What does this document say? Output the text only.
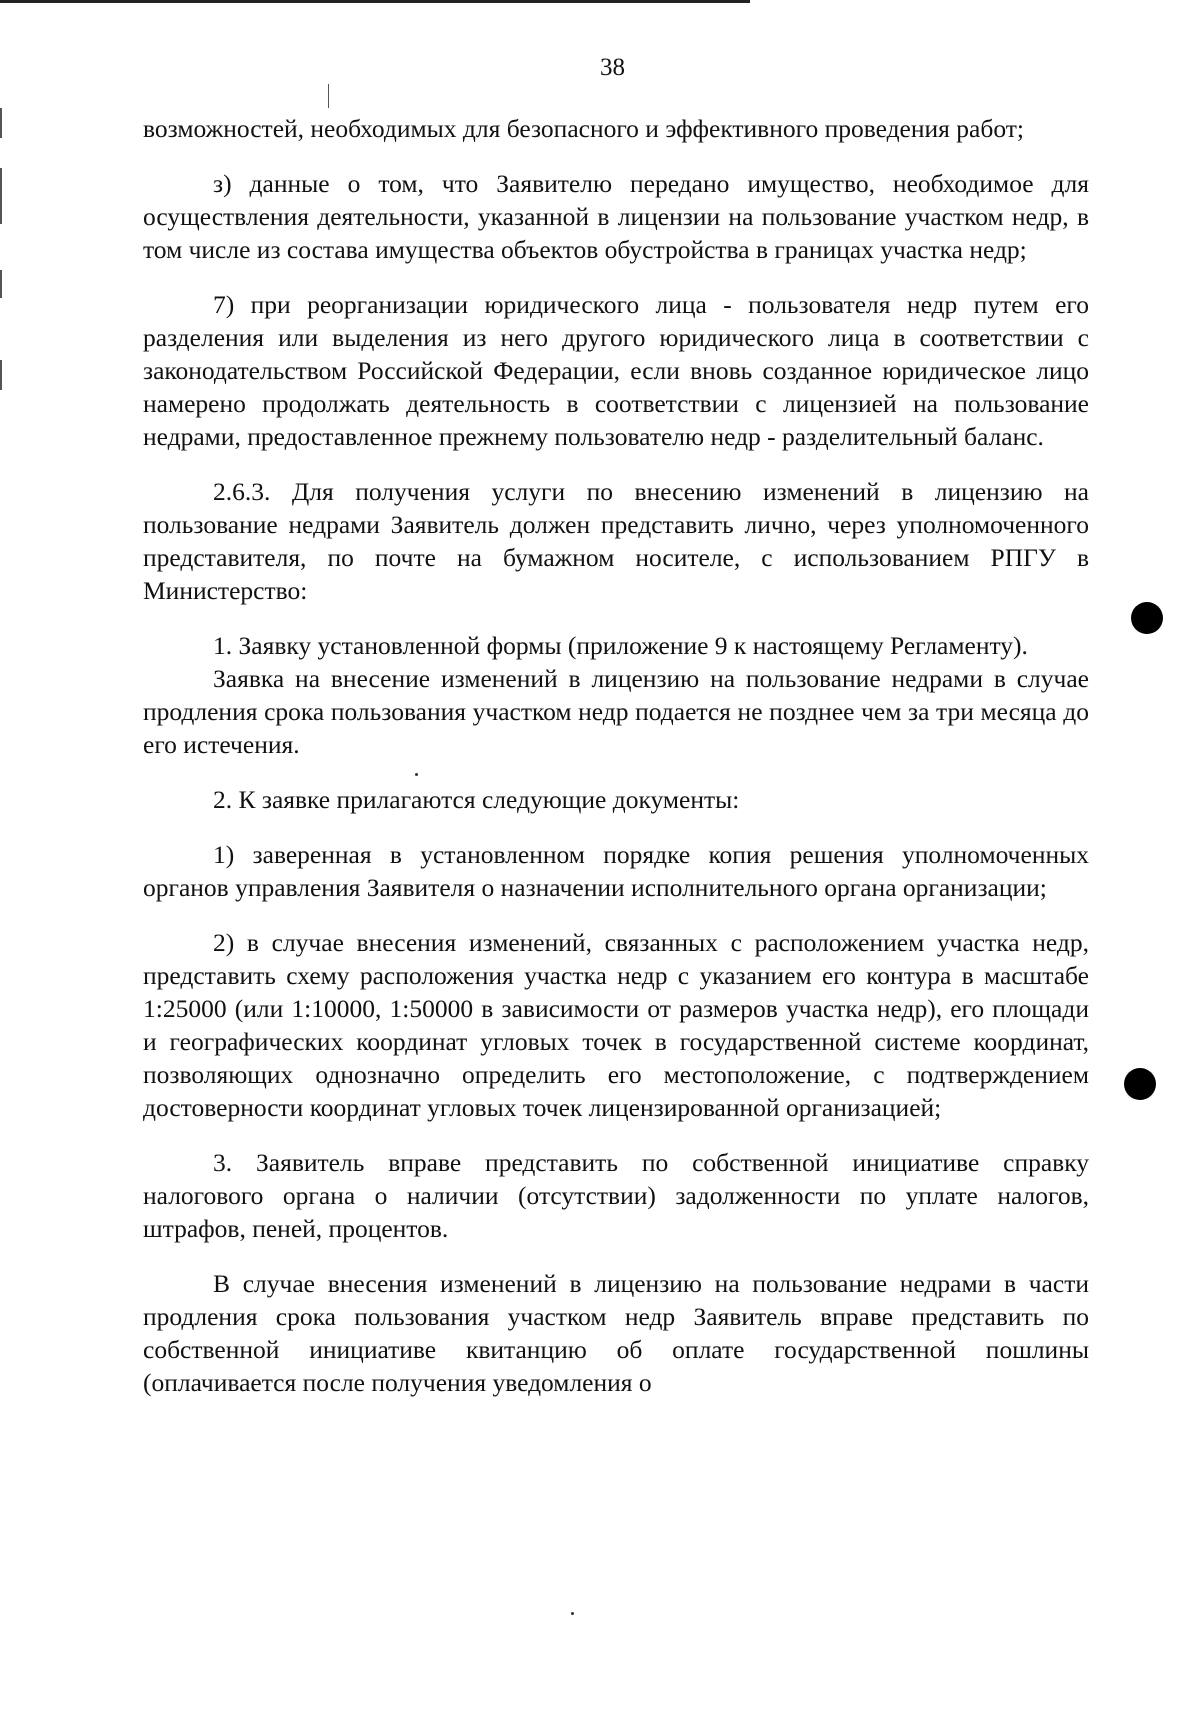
38

возможностей, необходимых для безопасного и эффективного проведения работ;

з) данные о том, что Заявителю передано имущество, необходимое для осуществления деятельности, указанной в лицензии на пользование участком недр, в том числе из состава имущества объектов обустройства в границах участка недр;

7) при реорганизации юридического лица - пользователя недр путем его разделения или выделения из него другого юридического лица в соответствии с законодательством Российской Федерации, если вновь созданное юридическое лицо намерено продолжать деятельность в соответствии с лицензией на пользование недрами, предоставленное прежнему пользователю недр - разделительный баланс.

2.6.3. Для получения услуги по внесению изменений в лицензию на пользование недрами Заявитель должен представить лично, через уполномоченного представителя, по почте на бумажном носителе, с использованием РПГУ в Министерство:

1. Заявку установленной формы (приложение 9 к настоящему Регламенту).

Заявка на внесение изменений в лицензию на пользование недрами в случае продления срока пользования участком недр подается не позднее чем за три месяца до его истечения.

2. К заявке прилагаются следующие документы:

1) заверенная в установленном порядке копия решения уполномоченных органов управления Заявителя о назначении исполнительного органа организации;

2) в случае внесения изменений, связанных с расположением участка недр, представить схему расположения участка недр с указанием его контура в масштабе 1:25000 (или 1:10000, 1:50000 в зависимости от размеров участка недр), его площади и географических координат угловых точек в государственной системе координат, позволяющих однозначно определить его местоположение, с подтверждением достоверности координат угловых точек лицензированной организацией;

3. Заявитель вправе представить по собственной инициативе справку налогового органа о наличии (отсутствии) задолженности по уплате налогов, штрафов, пеней, процентов.

В случае внесения изменений в лицензию на пользование недрами в части продления срока пользования участком недр Заявитель вправе представить по собственной инициативе квитанцию об оплате государственной пошлины (оплачивается после получения уведомления о
